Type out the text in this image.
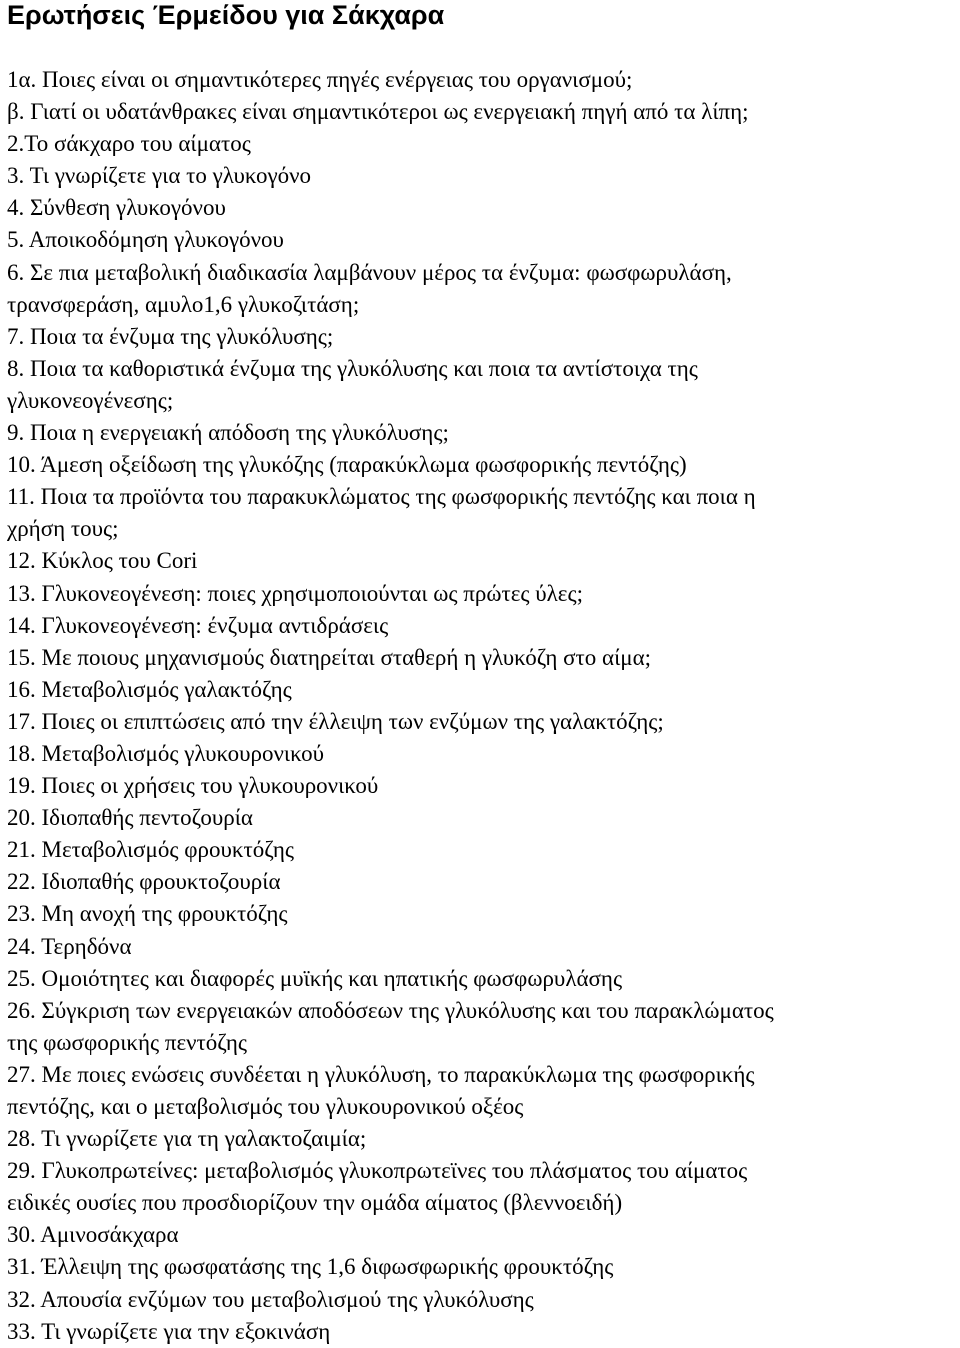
Ερωτήσεις Έρμείδου για Σάκχαρα
1α. Ποιες είναι οι σημαντικότερες πηγές ενέργειας του οργανισμού;
β. Γιατί οι υδατάνθρακες είναι σημαντικότεροι ως ενεργειακή πηγή από τα λίπη;
2.Το σάκχαρο του αίματος
3. Τι γνωρίζετε για το γλυκογόνο
4. Σύνθεση γλυκογόνου
5. Αποικοδόμηση γλυκογόνου
6. Σε πια μεταβολική διαδικασία λαμβάνουν μέρος τα ένζυμα: φωσφωρυλάση,
τρανσφεράση, αμυλο1,6 γλυκοζιτάση;
7. Ποια τα ένζυμα της γλυκόλυσης;
8. Ποια τα καθοριστικά ένζυμα της γλυκόλυσης και ποια τα αντίστοιχα της
γλυκονεογένεσης;
9. Ποια η ενεργειακή απόδοση της γλυκόλυσης;
10. Άμεση οξείδωση της γλυκόζης (παρακύκλωμα φωσφορικής πεντόζης)
11. Ποια τα προϊόντα του παρακυκλώματος της φωσφορικής πεντόζης και ποια η
χρήση τους;
12. Κύκλος του Cori
13. Γλυκονεογένεση: ποιες χρησιμοποιούνται ως πρώτες ύλες;
14. Γλυκονεογένεση: ένζυμα αντιδράσεις
15. Με ποιους μηχανισμούς διατηρείται σταθερή η γλυκόζη στο αίμα;
16. Μεταβολισμός γαλακτόζης
17. Ποιες οι επιπτώσεις από την έλλειψη των ενζύμων της γαλακτόζης;
18. Μεταβολισμός γλυκουρονικού
19. Ποιες οι χρήσεις του γλυκουρονικού
20. Ιδιοπαθής πεντοζουρία
21. Μεταβολισμός φρουκτόζης
22. Ιδιοπαθής φρουκτοζουρία
23. Μη ανοχή της φρουκτόζης
24. Τερηδόνα
25. Ομοιότητες και διαφορές μυϊκής και ηπατικής φωσφωρυλάσης
26. Σύγκριση των ενεργειακών αποδόσεων της γλυκόλυσης και του παρακλώματος
της φωσφορικής πεντόζης
27. Με ποιες ενώσεις συνδέεται η γλυκόλυση, το παρακύκλωμα της φωσφορικής
πεντόζης, και ο μεταβολισμός του γλυκουρονικού οξέος
28. Τι γνωρίζετε για τη γαλακτοζαιμία;
29. Γλυκοπρωτείνες: μεταβολισμός γλυκοπρωτεϊνες του πλάσματος του αίματος
ειδικές ουσίες που προσδιορίζουν την ομάδα αίματος (βλεννοειδή)
30. Αμινοσάκχαρα
31. Έλλειψη της φωσφατάσης της 1,6 διφωσφωρικής φρουκτόζης
32. Απουσία ενζύμων του μεταβολισμού της γλυκόλυσης
33. Τι γνωρίζετε για την εξοκινάση
